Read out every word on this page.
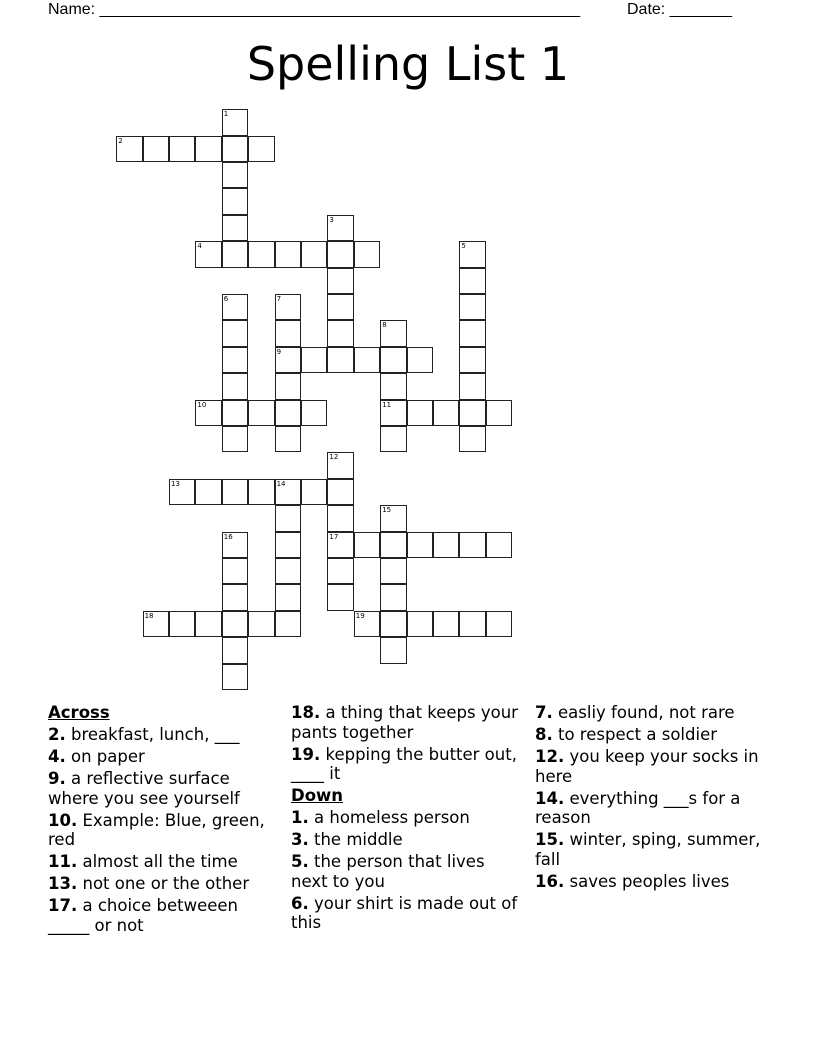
Name: ______________________________________________________	Date: _______
Spelling List 1
1
2
3
4	5
6	7
9
8
11
10
12
17
13	14
15
16
18	19
Across
2. breakfast, lunch, ___
4. on paper
9. a reflective surface where you see yourself
10. Example: Blue, green, red
11. almost all the time
13. not one or the other
17. a choice betweeen _____ or not
18. a thing that keeps your pants together
19. kepping the butter out, ____ it
Down
1. a homeless person
3. the middle
5. the person that lives next to you
6. your shirt is made out of this
7. easliy found, not rare
8. to respect a soldier
12. you keep your socks in here
14. everything ___s for a reason
15. winter, sping, summer, fall
16. saves peoples lives
